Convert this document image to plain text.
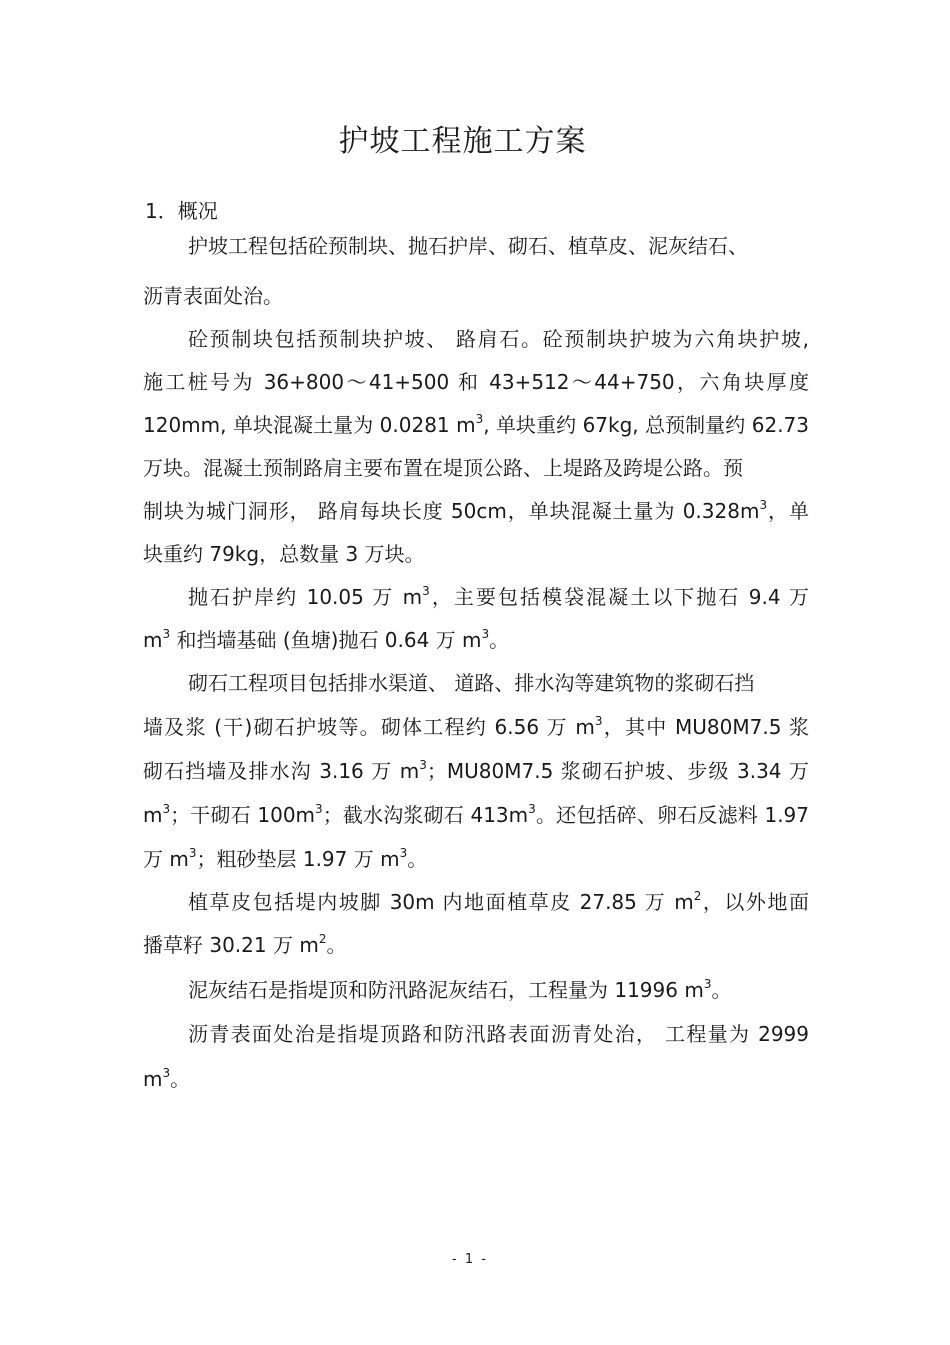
护坡工程施工方案
1．概况
护坡工程包括砼预制块、抛石护岸、砌石、植草皮、泥灰结石、
沥青表面处治。
砼预制块包括预制块护坡、 路肩石。砼预制块护坡为六角块护坡,
施工桩号为 36+800～41+500 和 43+512～44+750，六角块厚度
120mm, 单块混凝土量为 0.0281 $m^3$, 单块重约 67kg, 总预制量约 62.73
万块。混凝土预制路肩主要布置在堤顶公路、上堤路及跨堤公路。预
制块为城门洞形， 路肩每块长度 50cm，单块混凝土量为 $0.328m^3$，单
块重约 79kg，总数量 3 万块。
抛石护岸约 10.05 万 $m^3$，主要包括模袋混凝土以下抛石 9.4 万
$m^3$ 和挡墙基础 (鱼塘)抛石 0.64 万 $m^3$。
砌石工程项目包括排水渠道、 道路、排水沟等建筑物的浆砌石挡
墙及浆 (干)砌石护坡等。砌体工程约 6.56 万 $m^3$，其中 MU80M7.5 浆
砌石挡墙及排水沟 3.16 万 $m^3$；MU80M7.5 浆砌石护坡、步级 3.34 万
$m^3$；干砌石 $100m^3$；截水沟浆砌石 $413m^3$。还包括碎、卵石反滤料 1.97
万 $m^3$；粗砂垫层 1.97 万 $m^3$。
植草皮包括堤内坡脚 30m 内地面植草皮 27.85 万 $m^2$，以外地面
播草籽 30.21 万 $m^2$。
泥灰结石是指堤顶和防汛路泥灰结石，工程量为 11996 $m^3$。
沥青表面处治是指堤顶路和防汛路表面沥青处治， 工程量为 2999
$m^3$。
- 1 -
